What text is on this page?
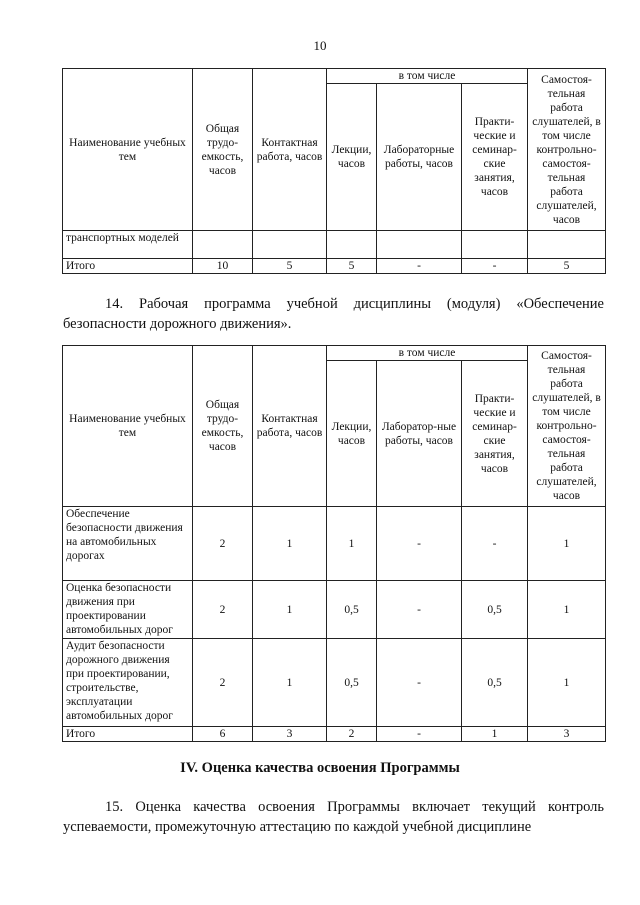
10
Наименование учебных тем	Общая трудо-емкость, часов	Контактная работа, часов	в том числе			Самостоя-тельная работа слушателей, в том числе контрольно-самостоя-тельная работа слушателей, часов
			Лекции, часов	Лабораторные работы, часов	Практи-ческие и семинар-ские занятия, часов	
транспортных моделей						
Итого	10	5	5	-	-	5
14. Рабочая программа учебной дисциплины (модуля) «Обеспечение безопасности дорожного движения».
Наименование учебных тем	Общая трудо-емкость, часов	Контактная работа, часов	в том числе			Самостоя-тельная работа слушателей, в том числе контрольно-самостоя-тельная работа слушателей, часов
			Лекции, часов	Лаборатор-ные работы, часов	Практи-ческие и семинар-ские занятия, часов	
Обеспечение безопасности движения на автомобильных дорогах	2	1	1	-	-	1
Оценка безопасности движения при проектировании автомобильных дорог	2	1	0,5	-	0,5	1
Аудит безопасности дорожного движения при проектировании, строительстве, эксплуатации автомобильных дорог	2	1	0,5	-	0,5	1
Итого	6	3	2	-	1	3
IV. Оценка качества освоения Программы
15. Оценка качества освоения Программы включает текущий контроль успеваемости, промежуточную аттестацию по каждой учебной дисциплине
